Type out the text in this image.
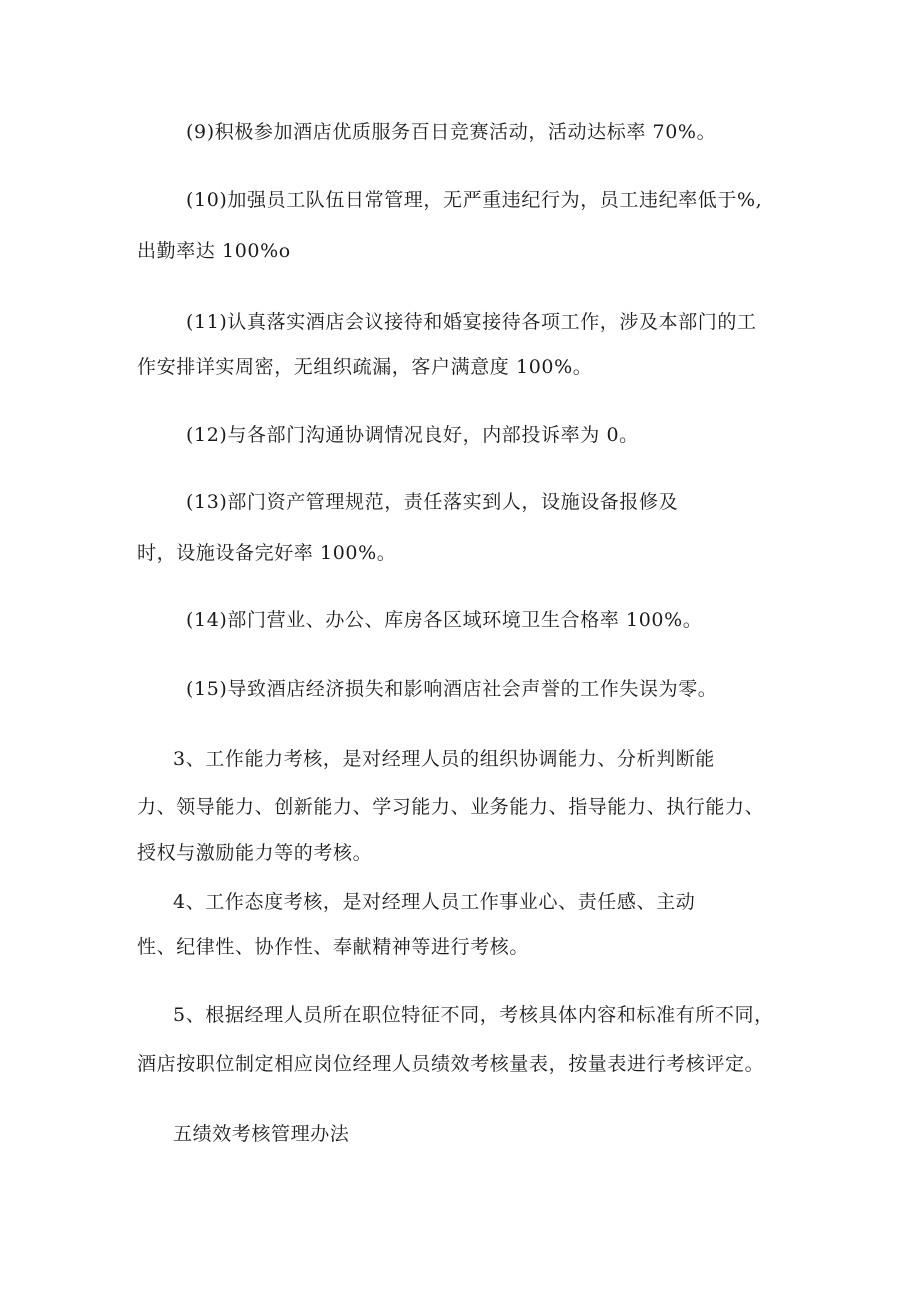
(9)积极参加酒店优质服务百日竞赛活动，活动达标率 70%。
(10)加强员工队伍日常管理，无严重违纪行为，员工违纪率低于%,
出勤率达 100%o
(11)认真落实酒店会议接待和婚宴接待各项工作，涉及本部门的工
作安排详实周密，无组织疏漏，客户满意度 100%。
(12)与各部门沟通协调情况良好，内部投诉率为 0。
(13)部门资产管理规范，责任落实到人，设施设备报修及
时，设施设备完好率 100%。
(14)部门营业、办公、库房各区域环境卫生合格率 100%。
(15)导致酒店经济损失和影响酒店社会声誉的工作失误为零。
3、工作能力考核，是对经理人员的组织协调能力、分析判断能
力、领导能力、创新能力、学习能力、业务能力、指导能力、执行能力、
授权与激励能力等的考核。
4、工作态度考核，是对经理人员工作事业心、责任感、主动
性、纪律性、协作性、奉献精神等进行考核。
5、根据经理人员所在职位特征不同，考核具体内容和标准有所不同，
酒店按职位制定相应岗位经理人员绩效考核量表，按量表进行考核评定。
五绩效考核管理办法
